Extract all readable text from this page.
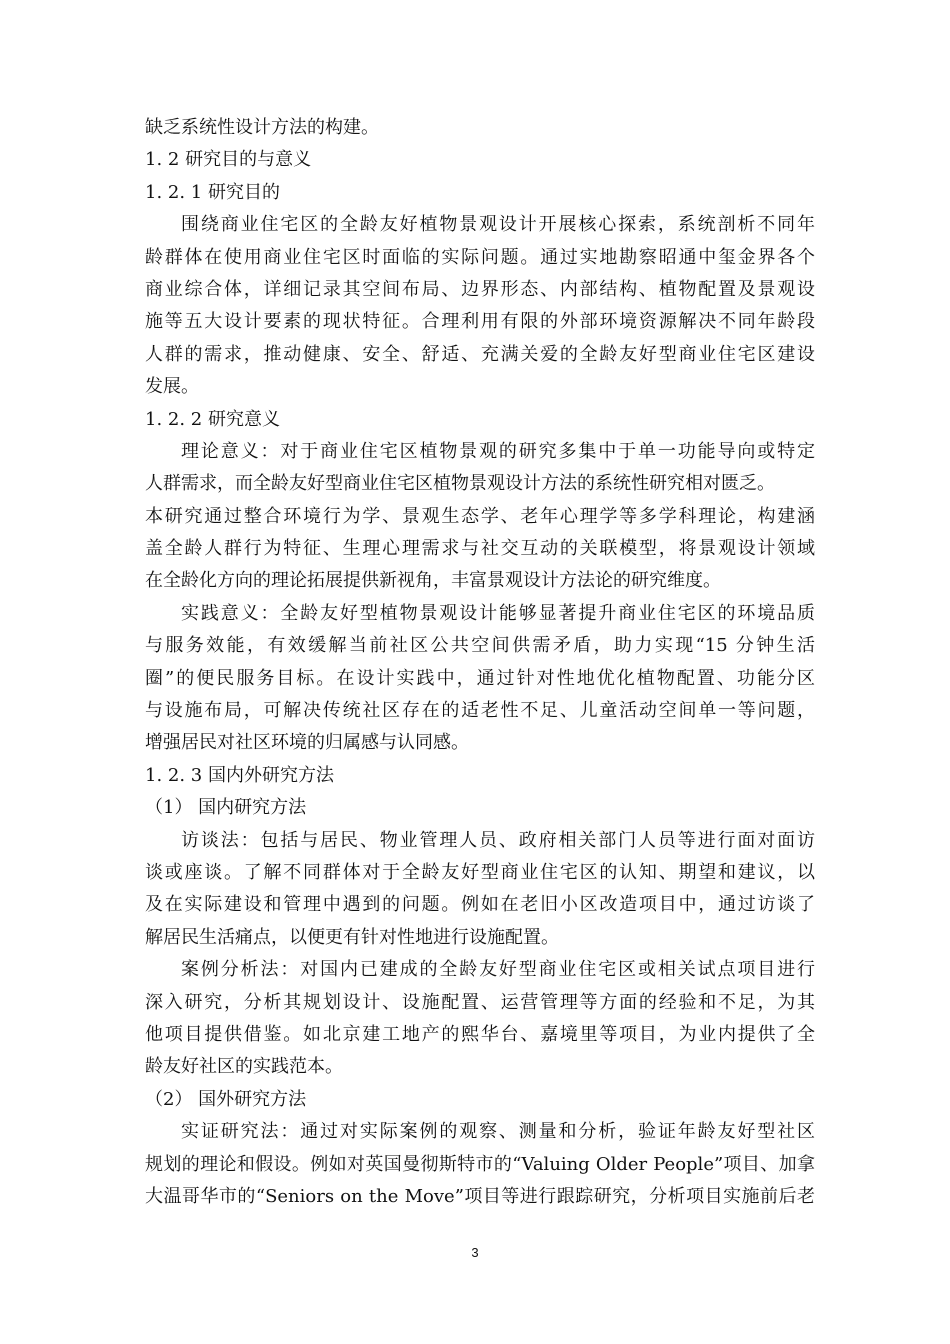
缺乏系统性设计方法的构建。
1. 2 研究目的与意义
1. 2. 1 研究目的
围绕商业住宅区的全龄友好植物景观设计开展核心探索，系统剖析不同年
龄群体在使用商业住宅区时面临的实际问题。通过实地勘察昭通中玺金界各个
商业综合体，详细记录其空间布局、边界形态、内部结构、植物配置及景观设
施等五大设计要素的现状特征。合理利用有限的外部环境资源解决不同年龄段
人群的需求，推动健康、安全、舒适、充满关爱的全龄友好型商业住宅区建设
发展。
1. 2. 2 研究意义
理论意义：对于商业住宅区植物景观的研究多集中于单一功能导向或特定
人群需求，而全龄友好型商业住宅区植物景观设计方法的系统性研究相对匮乏。
本研究通过整合环境行为学、景观生态学、老年心理学等多学科理论，构建涵
盖全龄人群行为特征、生理心理需求与社交互动的关联模型，将景观设计领域
在全龄化方向的理论拓展提供新视角，丰富景观设计方法论的研究维度。
实践意义：全龄友好型植物景观设计能够显著提升商业住宅区的环境品质
与服务效能，有效缓解当前社区公共空间供需矛盾，助力实现“15 分钟生活
圈”的便民服务目标。在设计实践中，通过针对性地优化植物配置、功能分区
与设施布局，可解决传统社区存在的适老性不足、儿童活动空间单一等问题，
增强居民对社区环境的归属感与认同感。
1. 2. 3 国内外研究方法
（1） 国内研究方法
访谈法：包括与居民、物业管理人员、政府相关部门人员等进行面对面访
谈或座谈。了解不同群体对于全龄友好型商业住宅区的认知、期望和建议，以
及在实际建设和管理中遇到的问题。例如在老旧小区改造项目中，通过访谈了
解居民生活痛点，以便更有针对性地进行设施配置。
案例分析法：对国内已建成的全龄友好型商业住宅区或相关试点项目进行
深入研究，分析其规划设计、设施配置、运营管理等方面的经验和不足，为其
他项目提供借鉴。如北京建工地产的熙华台、嘉境里等项目，为业内提供了全
龄友好社区的实践范本。
（2） 国外研究方法
实证研究法：通过对实际案例的观察、测量和分析，验证年龄友好型社区
规划的理论和假设。例如对英国曼彻斯特市的“Valuing Older People”项目、加拿
大温哥华市的“Seniors on the Move”项目等进行跟踪研究，分析项目实施前后老
3
